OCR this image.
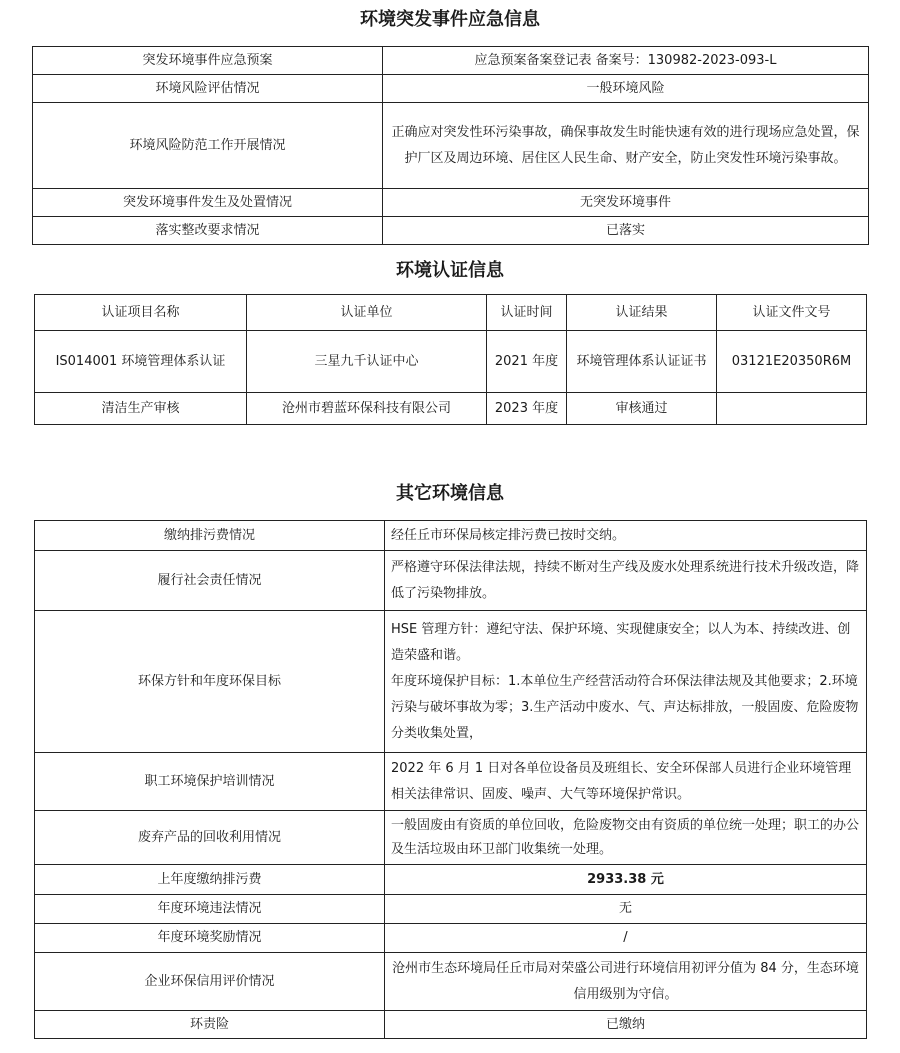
环境突发事件应急信息
突发环境事件应急预案	应急预案备案登记表 备案号：130982-2023-093-L
环境风险评估情况	一般环境风险
环境风险防范工作开展情况	正确应对突发性环污染事故，确保事故发生时能快速有效的进行现场应急处置，保护厂区及周边环境、居住区人民生命、财产安全，防止突发性环境污染事故。
突发环境事件发生及处置情况	无突发环境事件
落实整改要求情况	已落实
环境认证信息
认证项目名称	认证单位	认证时间	认证结果	认证文件文号
IS014001 环境管理体系认证	三星九千认证中心	2021 年度	环境管理体系认证证书	03121E20350R6M
清洁生产审核	沧州市碧蓝环保科技有限公司	2023 年度	审核通过	
其它环境信息
缴纳排污费情况	经任丘市环保局核定排污费已按时交纳。
履行社会责任情况	严格遵守环保法律法规，持续不断对生产线及废水处理系统进行技术升级改造，降低了污染物排放。
环保方针和年度环保目标	HSE 管理方针：遵纪守法、保护环境、实现健康安全；以人为本、持续改进、创造荣盛和谐。
年度环境保护目标：1.本单位生产经营活动符合环保法律法规及其他要求；2.环境污染与破坏事故为零；3.生产活动中废水、气、声达标排放，一般固废、危险废物分类收集处置，

职工环境保护培训情况	2022 年 6 月 1 日对各单位设备员及班组长、安全环保部人员进行企业环境管理相关法律常识、固废、噪声、大气等环境保护常识。
废弃产品的回收利用情况	一般固废由有资质的单位回收，危险废物交由有资质的单位统一处理；职工的办公及生活垃圾由环卫部门收集统一处理。
上年度缴纳排污费	2933.38 元
年度环境违法情况	无
年度环境奖励情况	/
企业环保信用评价情况	沧州市生态环境局任丘市局对荣盛公司进行环境信用初评分值为 84 分，生态环境信用级别为守信。
环责险	已缴纳
